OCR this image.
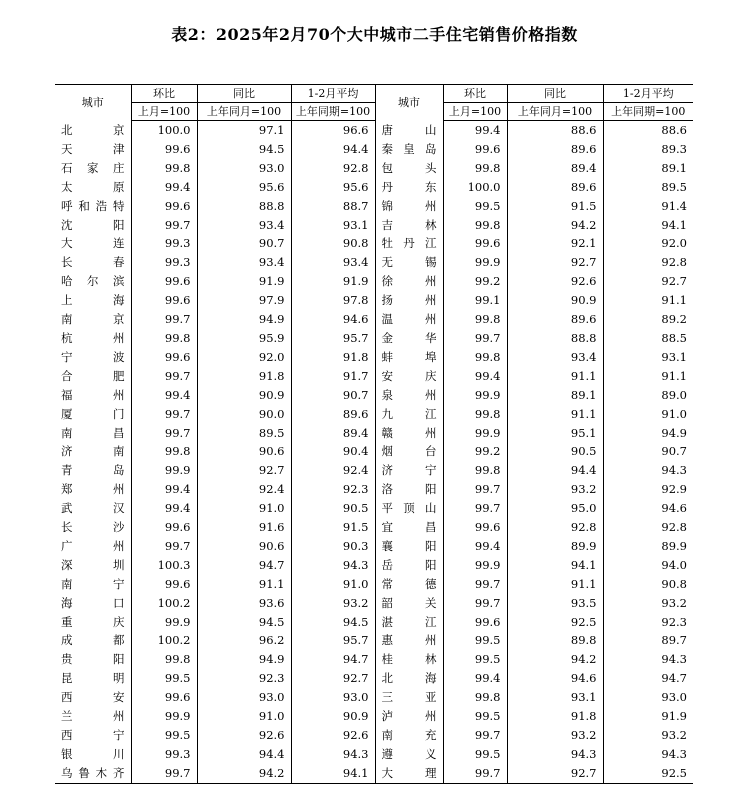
表2：2025年2月70个大中城市二手住宅销售价格指数
城市	环比	同比	1-2月平均	城市	环比	同比	1-2月平均
	上月=100	上年同月=100	上年同期=100		上月=100	上年同月=100	上年同期=100
北　京	100.0	97.1	96.6	唐　山	99.4	88.6	88.6
天　津	99.6	94.5	94.4	秦皇岛	99.6	89.6	89.3
石家庄	99.8	93.0	92.8	包　头	99.8	89.4	89.1
太　原	99.4	95.6	95.6	丹　东	100.0	89.6	89.5
呼和浩特	99.6	88.8	88.7	锦　州	99.5	91.5	91.4
沈　阳	99.7	93.4	93.1	吉　林	99.8	94.2	94.1
大　连	99.3	90.7	90.8	牡丹江	99.6	92.1	92.0
长　春	99.3	93.4	93.4	无　锡	99.9	92.7	92.8
哈尔滨	99.6	91.9	91.9	徐　州	99.2	92.6	92.7
上　海	99.6	97.9	97.8	扬　州	99.1	90.9	91.1
南　京	99.7	94.9	94.6	温　州	99.8	89.6	89.2
杭　州	99.8	95.9	95.7	金　华	99.7	88.8	88.5
宁　波	99.6	92.0	91.8	蚌　埠	99.8	93.4	93.1
合　肥	99.7	91.8	91.7	安　庆	99.4	91.1	91.1
福　州	99.4	90.9	90.7	泉　州	99.9	89.1	89.0
厦　门	99.7	90.0	89.6	九　江	99.8	91.1	91.0
南　昌	99.7	89.5	89.4	赣　州	99.9	95.1	94.9
济　南	99.8	90.6	90.4	烟　台	99.2	90.5	90.7
青　岛	99.9	92.7	92.4	济　宁	99.8	94.4	94.3
郑　州	99.4	92.4	92.3	洛　阳	99.7	93.2	92.9
武　汉	99.4	91.0	90.5	平顶山	99.7	95.0	94.6
长　沙	99.6	91.6	91.5	宜　昌	99.6	92.8	92.8
广　州	99.7	90.6	90.3	襄　阳	99.4	89.9	89.9
深　圳	100.3	94.7	94.3	岳　阳	99.9	94.1	94.0
南　宁	99.6	91.1	91.0	常　德	99.7	91.1	90.8
海　口	100.2	93.6	93.2	韶　关	99.7	93.5	93.2
重　庆	99.9	94.5	94.5	湛　江	99.6	92.5	92.3
成　都	100.2	96.2	95.7	惠　州	99.5	89.8	89.7
贵　阳	99.8	94.9	94.7	桂　林	99.5	94.2	94.3
昆　明	99.5	92.3	92.7	北　海	99.4	94.6	94.7
西　安	99.6	93.0	93.0	三　亚	99.8	93.1	93.0
兰　州	99.9	91.0	90.9	泸　州	99.5	91.8	91.9
西　宁	99.5	92.6	92.6	南　充	99.7	93.2	93.2
银　川	99.3	94.4	94.3	遵　义	99.5	94.3	94.3
乌鲁木齐	99.7	94.2	94.1	大　理	99.7	92.7	92.5
